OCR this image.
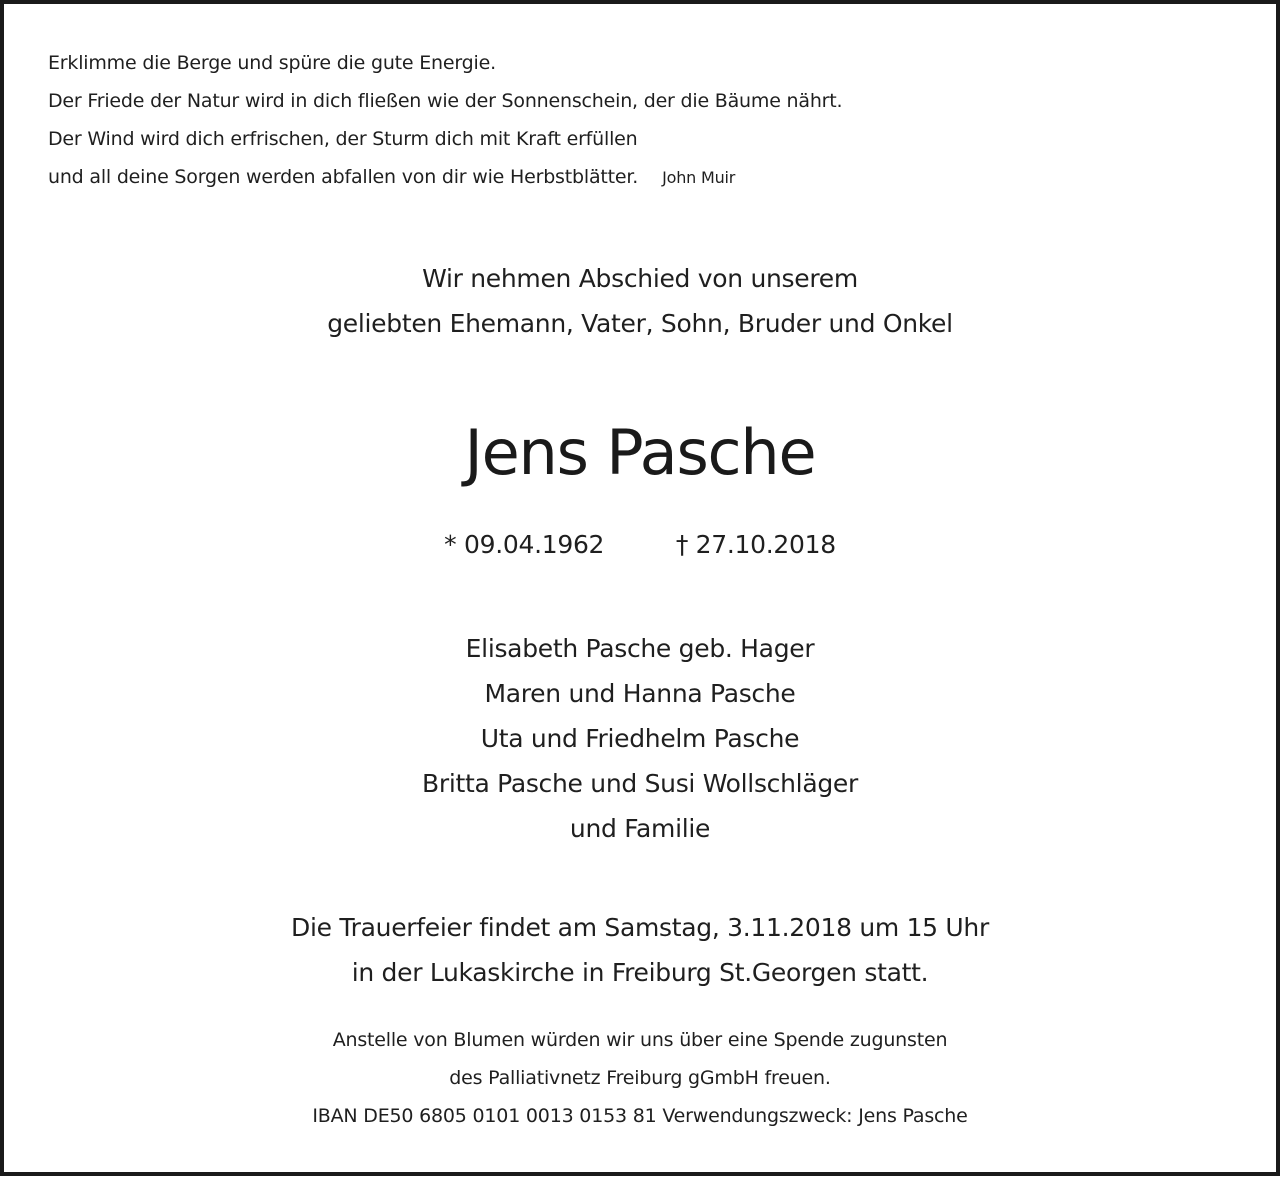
Erklimme die Berge und spüre die gute Energie.
Der Friede der Natur wird in dich fließen wie der Sonnenschein, der die Bäume nährt.
Der Wind wird dich erfrischen, der Sturm dich mit Kraft erfüllen
und all deine Sorgen werden abfallen von dir wie Herbstblätter. John Muir
Wir nehmen Abschied von unserem
geliebten Ehemann, Vater, Sohn, Bruder und Onkel
Jens Pasche
* 09.04.1962	† 27.10.2018
Elisabeth Pasche geb. Hager
Maren und Hanna Pasche
Uta und Friedhelm Pasche
Britta Pasche und Susi Wollschläger
und Familie
Die Trauerfeier findet am Samstag, 3.11.2018 um 15 Uhr
in der Lukaskirche in Freiburg St.Georgen statt.
Anstelle von Blumen würden wir uns über eine Spende zugunsten
des Palliativnetz Freiburg gGmbH freuen.
IBAN DE50 6805 0101 0013 0153 81 Verwendungszweck: Jens Pasche
